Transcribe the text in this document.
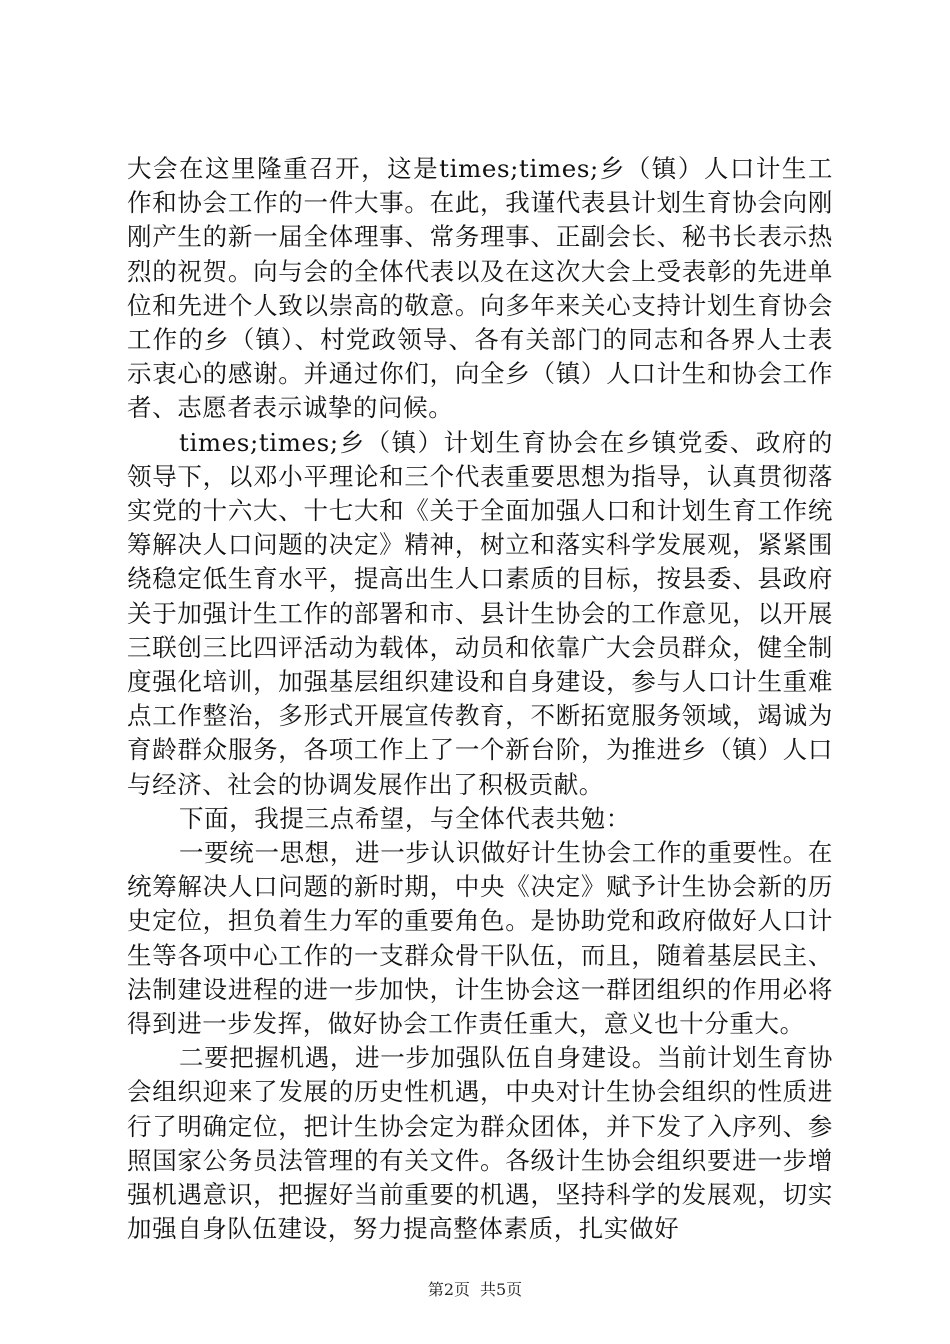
大会在这里隆重召开，这是times;times;乡（镇）人口计生工作和协会工作的一件大事。在此，我谨代表县计划生育协会向刚刚产生的新一届全体理事、常务理事、正副会长、秘书长表示热烈的祝贺。向与会的全体代表以及在这次大会上受表彰的先进单位和先进个人致以崇高的敬意。向多年来关心支持计划生育协会工作的乡（镇）、村党政领导、各有关部门的同志和各界人士表示衷心的感谢。并通过你们，向全乡（镇）人口计生和协会工作者、志愿者表示诚挚的问候。

times;times;乡（镇）计划生育协会在乡镇党委、政府的领导下，以邓小平理论和三个代表重要思想为指导，认真贯彻落实党的十六大、十七大和《关于全面加强人口和计划生育工作统筹解决人口问题的决定》精神，树立和落实科学发展观，紧紧围绕稳定低生育水平，提高出生人口素质的目标，按县委、县政府关于加强计生工作的部署和市、县计生协会的工作意见，以开展三联创三比四评活动为载体，动员和依靠广大会员群众，健全制度强化培训，加强基层组织建设和自身建设，参与人口计生重难点工作整治，多形式开展宣传教育，不断拓宽服务领域，竭诚为育龄群众服务，各项工作上了一个新台阶，为推进乡（镇）人口与经济、社会的协调发展作出了积极贡献。

下面，我提三点希望，与全体代表共勉：

一要统一思想，进一步认识做好计生协会工作的重要性。在统筹解决人口问题的新时期，中央《决定》赋予计生协会新的历史定位，担负着生力军的重要角色。是协助党和政府做好人口计生等各项中心工作的一支群众骨干队伍，而且，随着基层民主、法制建设进程的进一步加快，计生协会这一群团组织的作用必将得到进一步发挥，做好协会工作责任重大，意义也十分重大。

二要把握机遇，进一步加强队伍自身建设。当前计划生育协会组织迎来了发展的历史性机遇，中央对计生协会组织的性质进行了明确定位，把计生协会定为群众团体，并下发了入序列、参照国家公务员法管理的有关文件。各级计生协会组织要进一步增强机遇意识，把握好当前重要的机遇，坚持科学的发展观，切实加强自身队伍建设，努力提高整体素质，扎实做好

第2页 共5页
